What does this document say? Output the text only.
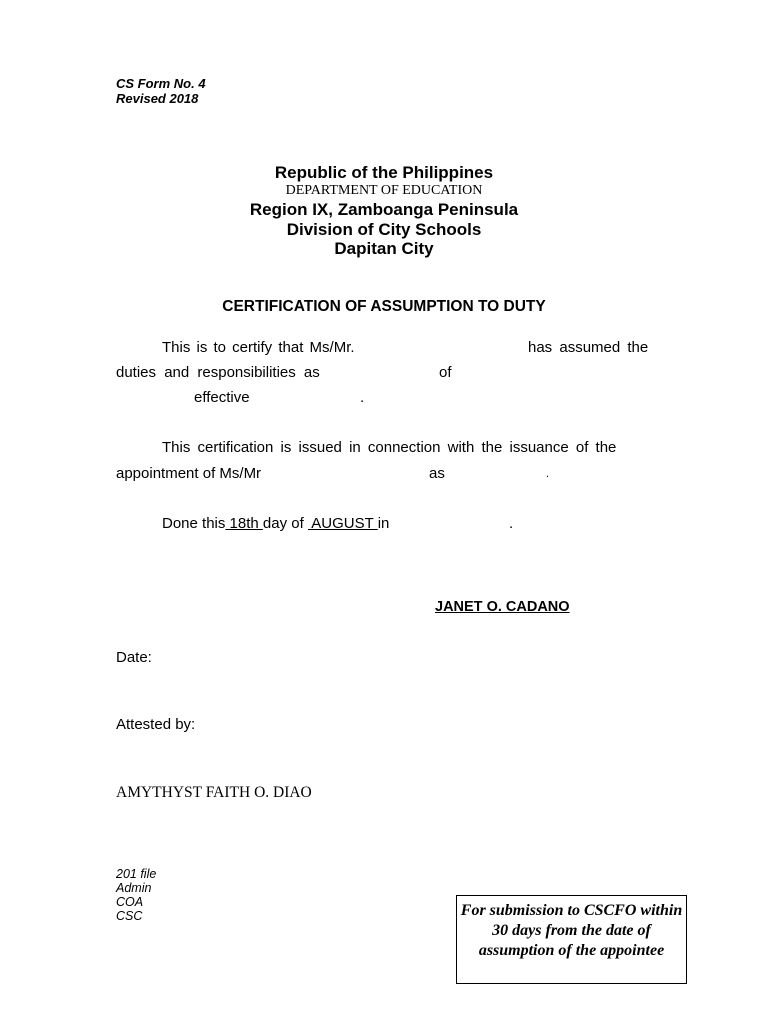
CS Form No. 4
Revised 2018
Republic of the Philippines
DEPARTMENT OF EDUCATION
Region IX, Zamboanga Peninsula
Division of City Schools
Dapitan City
CERTIFICATION OF ASSUMPTION TO DUTY
This is to certify that Ms/Mr.	has assumed the
duties and responsibilities as	of
effective	.
This certification is issued in connection with the issuance of the
appointment of Ms/Mr	as	.
Done this 18th day of  AUGUST in	.
JANET O. CADANO
Date:
Attested by:
AMYTHYST FAITH O. DIAO
201 file
Admin
COA
CSC	For submission to CSCFO within 30 days from the date of assumption of the appointee
